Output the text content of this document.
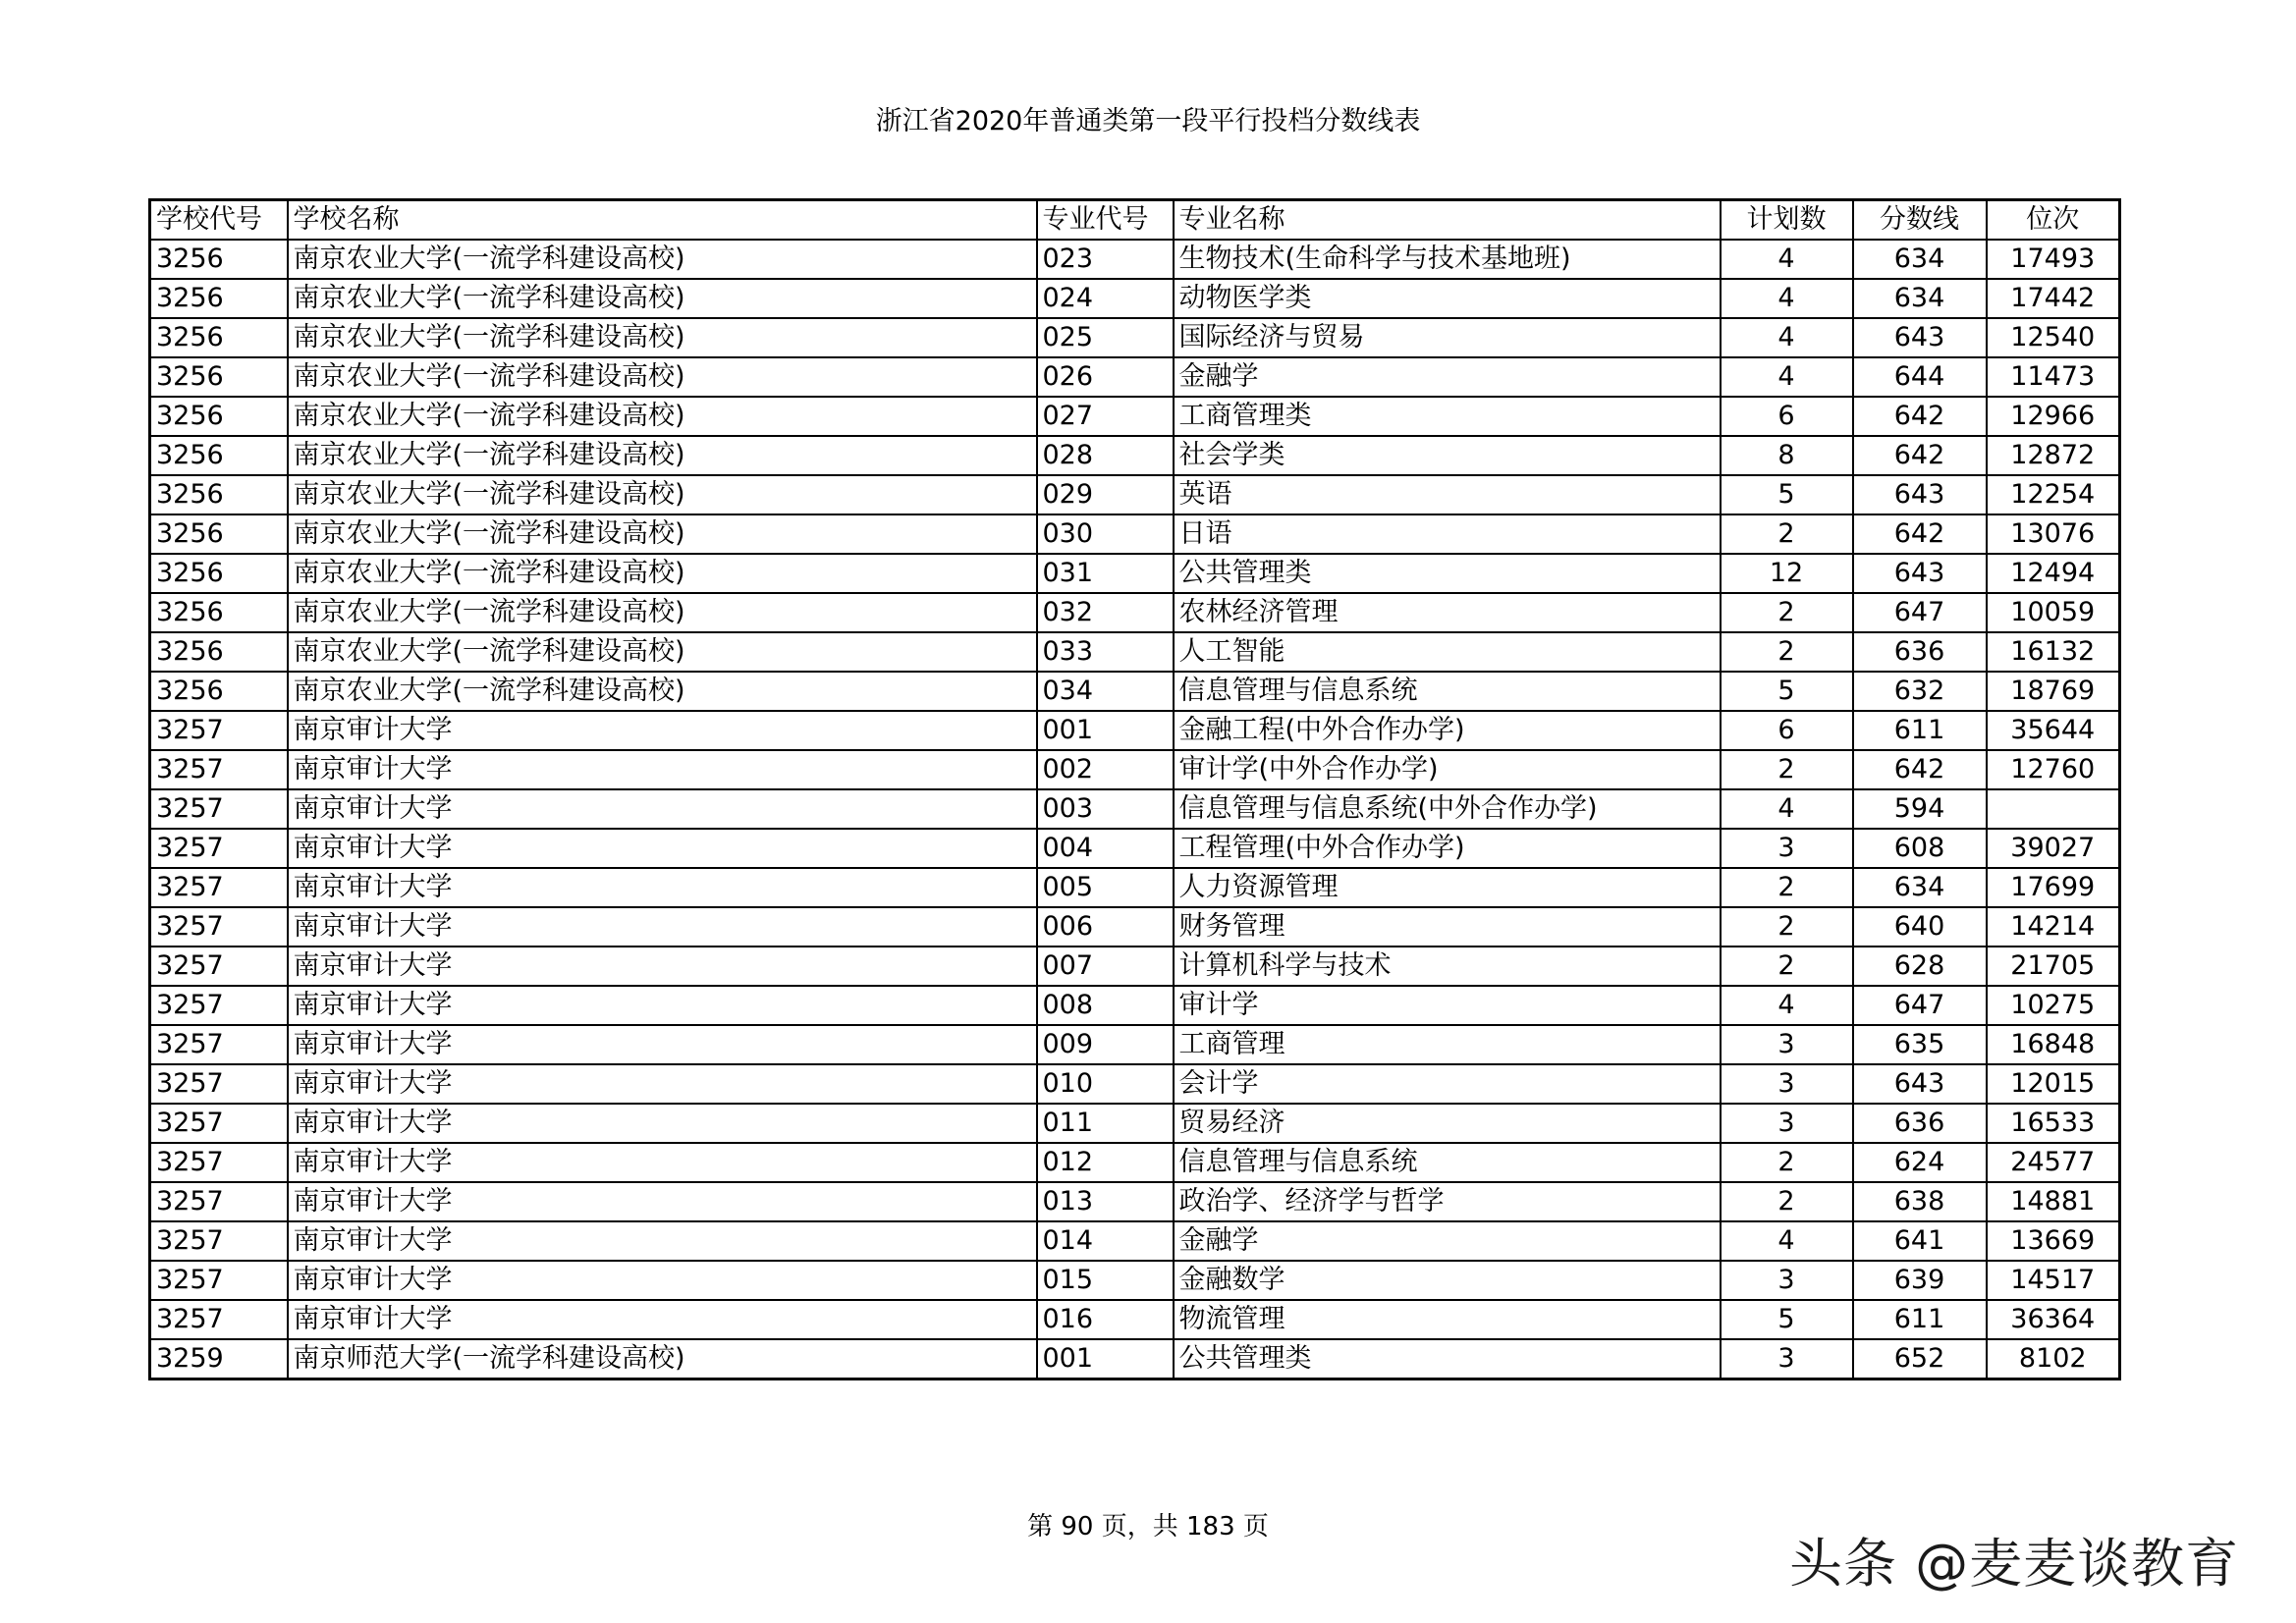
浙江省2020年普通类第一段平行投档分数线表
学校代号	学校名称	专业代号	专业名称	计划数	分数线	位次
3256	南京农业大学(一流学科建设高校)	023	生物技术(生命科学与技术基地班)	4	634	17493
3256	南京农业大学(一流学科建设高校)	024	动物医学类	4	634	17442
3256	南京农业大学(一流学科建设高校)	025	国际经济与贸易	4	643	12540
3256	南京农业大学(一流学科建设高校)	026	金融学	4	644	11473
3256	南京农业大学(一流学科建设高校)	027	工商管理类	6	642	12966
3256	南京农业大学(一流学科建设高校)	028	社会学类	8	642	12872
3256	南京农业大学(一流学科建设高校)	029	英语	5	643	12254
3256	南京农业大学(一流学科建设高校)	030	日语	2	642	13076
3256	南京农业大学(一流学科建设高校)	031	公共管理类	12	643	12494
3256	南京农业大学(一流学科建设高校)	032	农林经济管理	2	647	10059
3256	南京农业大学(一流学科建设高校)	033	人工智能	2	636	16132
3256	南京农业大学(一流学科建设高校)	034	信息管理与信息系统	5	632	18769
3257	南京审计大学	001	金融工程(中外合作办学)	6	611	35644
3257	南京审计大学	002	审计学(中外合作办学)	2	642	12760
3257	南京审计大学	003	信息管理与信息系统(中外合作办学)	4	594	
3257	南京审计大学	004	工程管理(中外合作办学)	3	608	39027
3257	南京审计大学	005	人力资源管理	2	634	17699
3257	南京审计大学	006	财务管理	2	640	14214
3257	南京审计大学	007	计算机科学与技术	2	628	21705
3257	南京审计大学	008	审计学	4	647	10275
3257	南京审计大学	009	工商管理	3	635	16848
3257	南京审计大学	010	会计学	3	643	12015
3257	南京审计大学	011	贸易经济	3	636	16533
3257	南京审计大学	012	信息管理与信息系统	2	624	24577
3257	南京审计大学	013	政治学、经济学与哲学	2	638	14881
3257	南京审计大学	014	金融学	4	641	13669
3257	南京审计大学	015	金融数学	3	639	14517
3257	南京审计大学	016	物流管理	5	611	36364
3259	南京师范大学(一流学科建设高校)	001	公共管理类	3	652	8102
第 90 页，共 183 页
头条 @麦麦谈教育
